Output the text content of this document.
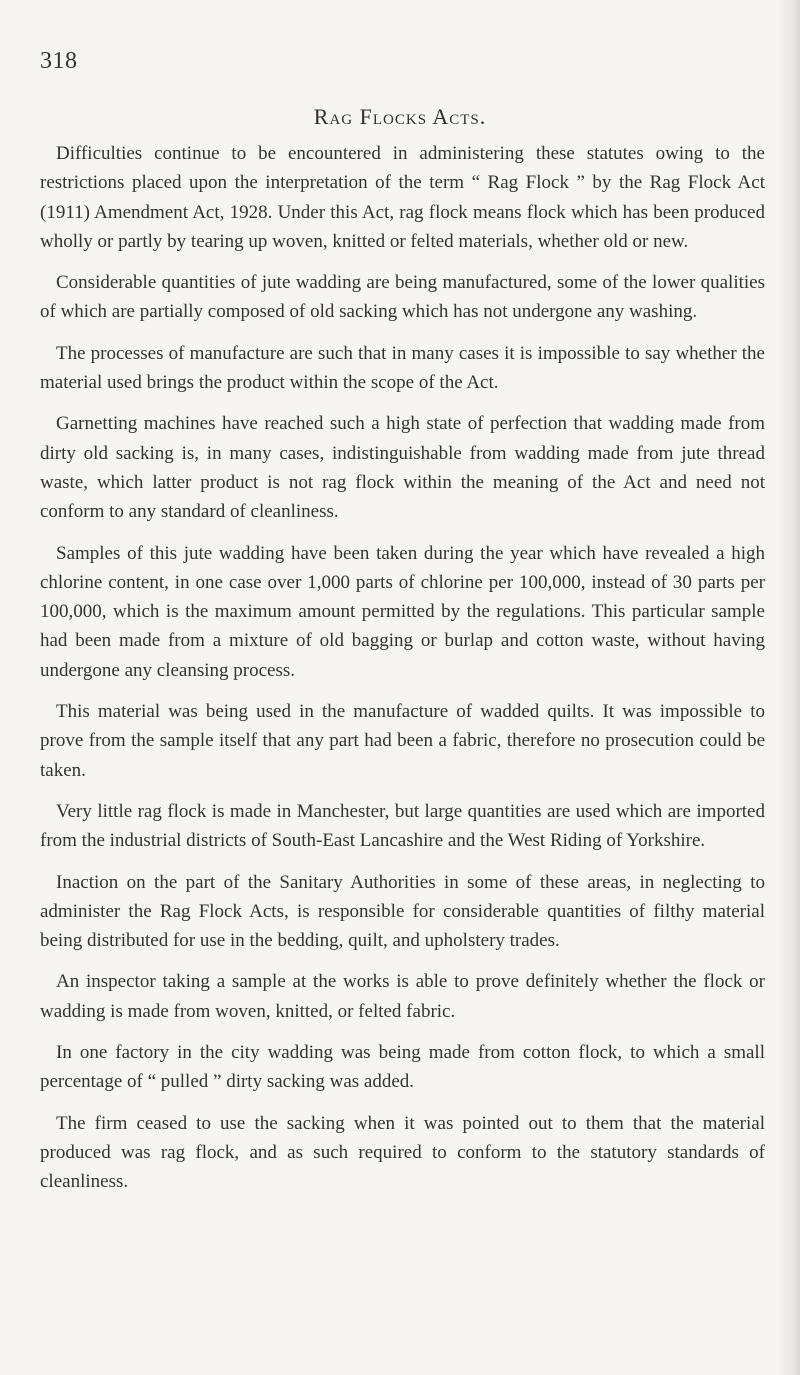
318
Rag Flocks Acts.

Difficulties continue to be encountered in administering these statutes owing to the restrictions placed upon the interpretation of the term “ Rag Flock ” by the Rag Flock Act (1911) Amendment Act, 1928. Under this Act, rag flock means flock which has been produced wholly or partly by tearing up woven, knitted or felted materials, whether old or new.

Considerable quantities of jute wadding are being manufactured, some of the lower qualities of which are partially composed of old sacking which has not undergone any washing.

The processes of manufacture are such that in many cases it is impossible to say whether the material used brings the product within the scope of the Act.

Garnetting machines have reached such a high state of perfection that wadding made from dirty old sacking is, in many cases, indistinguishable from wadding made from jute thread waste, which latter product is not rag flock within the meaning of the Act and need not conform to any standard of cleanliness.

Samples of this jute wadding have been taken during the year which have revealed a high chlorine content, in one case over 1,000 parts of chlorine per 100,000, instead of 30 parts per 100,000, which is the maximum amount permitted by the regulations. This particular sample had been made from a mixture of old bagging or burlap and cotton waste, without having undergone any cleansing process.

This material was being used in the manufacture of wadded quilts. It was impossible to prove from the sample itself that any part had been a fabric, therefore no prosecution could be taken.

Very little rag flock is made in Manchester, but large quantities are used which are imported from the industrial districts of South-East Lancashire and the West Riding of Yorkshire.

Inaction on the part of the Sanitary Authorities in some of these areas, in neglecting to administer the Rag Flock Acts, is responsible for considerable quantities of filthy material being distributed for use in the bedding, quilt, and upholstery trades.

An inspector taking a sample at the works is able to prove definitely whether the flock or wadding is made from woven, knitted, or felted fabric.

In one factory in the city wadding was being made from cotton flock, to which a small percentage of “ pulled ” dirty sacking was added.

The firm ceased to use the sacking when it was pointed out to them that the material produced was rag flock, and as such required to conform to the statutory standards of cleanliness.
